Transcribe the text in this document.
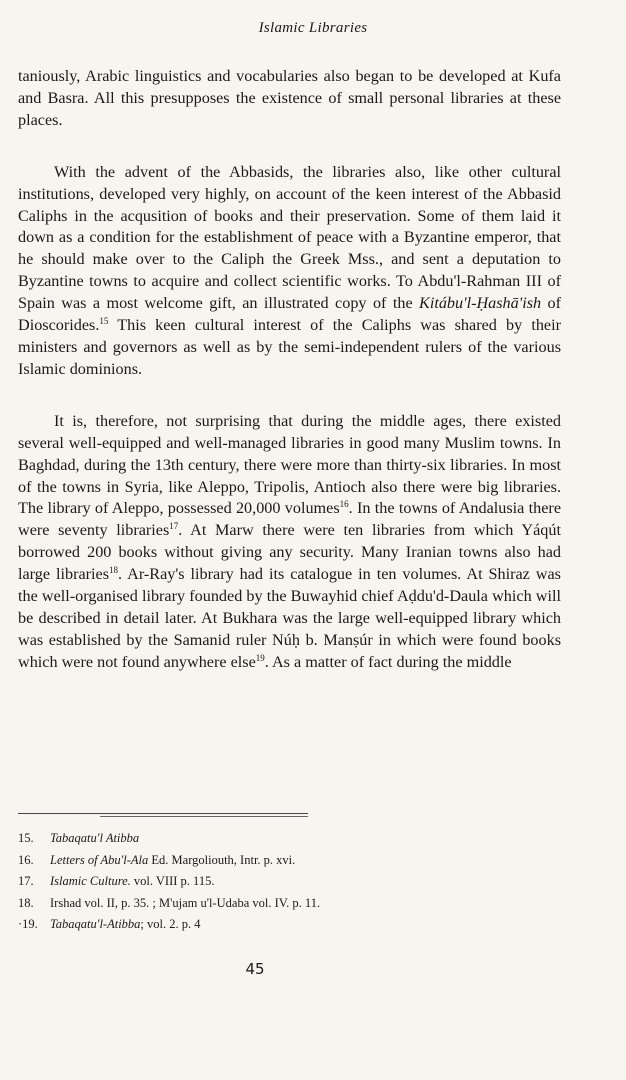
Islamic Libraries

taniously, Arabic linguistics and vocabularies also began to be developed at Kufa and Basra. All this presupposes the existence of small personal libraries at these places.

With the advent of the Abbasids, the libraries also, like other cultural institutions, developed very highly, on account of the keen interest of the Abbasid Caliphs in the acqusition of books and their preservation. Some of them laid it down as a condition for the establishment of peace with a Byzantine emperor, that he should make over to the Caliph the Greek Mss., and sent a deputation to Byzantine towns to acquire and collect scientific works. To Abdu'l-Rahman III of Spain was a most welcome gift, an illustrated copy of the Kitábu'l-Ḥashā'ish of Dioscorides.$^{15}$ This keen cultural interest of the Caliphs was shared by their ministers and governors as well as by the semi-independent rulers of the various Islamic dominions.

It is, therefore, not surprising that during the middle ages, there existed several well-equipped and well-managed libraries in good many Muslim towns. In Baghdad, during the 13th century, there were more than thirty-six libraries. In most of the towns in Syria, like Aleppo, Tripolis, Antioch also there were big libraries. The library of Aleppo, possessed 20,000 volumes$^{16}$. In the towns of Andalusia there were seventy libraries$^{17}$. At Marw there were ten libraries from which Yáqút borrowed 200 books without giving any security. Many Iranian towns also had large libraries$^{18}$. Ar-Ray's library had its catalogue in ten volumes. At Shiraz was the well-organised library founded by the Buwayhid chief Aḍdu'd-Daula which will be described in detail later. At Bukhara was the large well-equipped library which was established by the Samanid ruler Núḥ b. Manṣúr in which were found books which were not found anywhere else$^{19}$. As a matter of fact during the middle

15. Tabaqatu'l Atibba
16. Letters of Abu'l-Ala Ed. Margoliouth, Intr. p. xvi.
17. Islamic Culture. vol. VIII p. 115.
18. Irshad vol. II, p. 35. ; M'ujam u'l-Udaba vol. IV. p. 11.
·19. Tabaqatu'l-Atibba; vol. 2. p. 4
45
